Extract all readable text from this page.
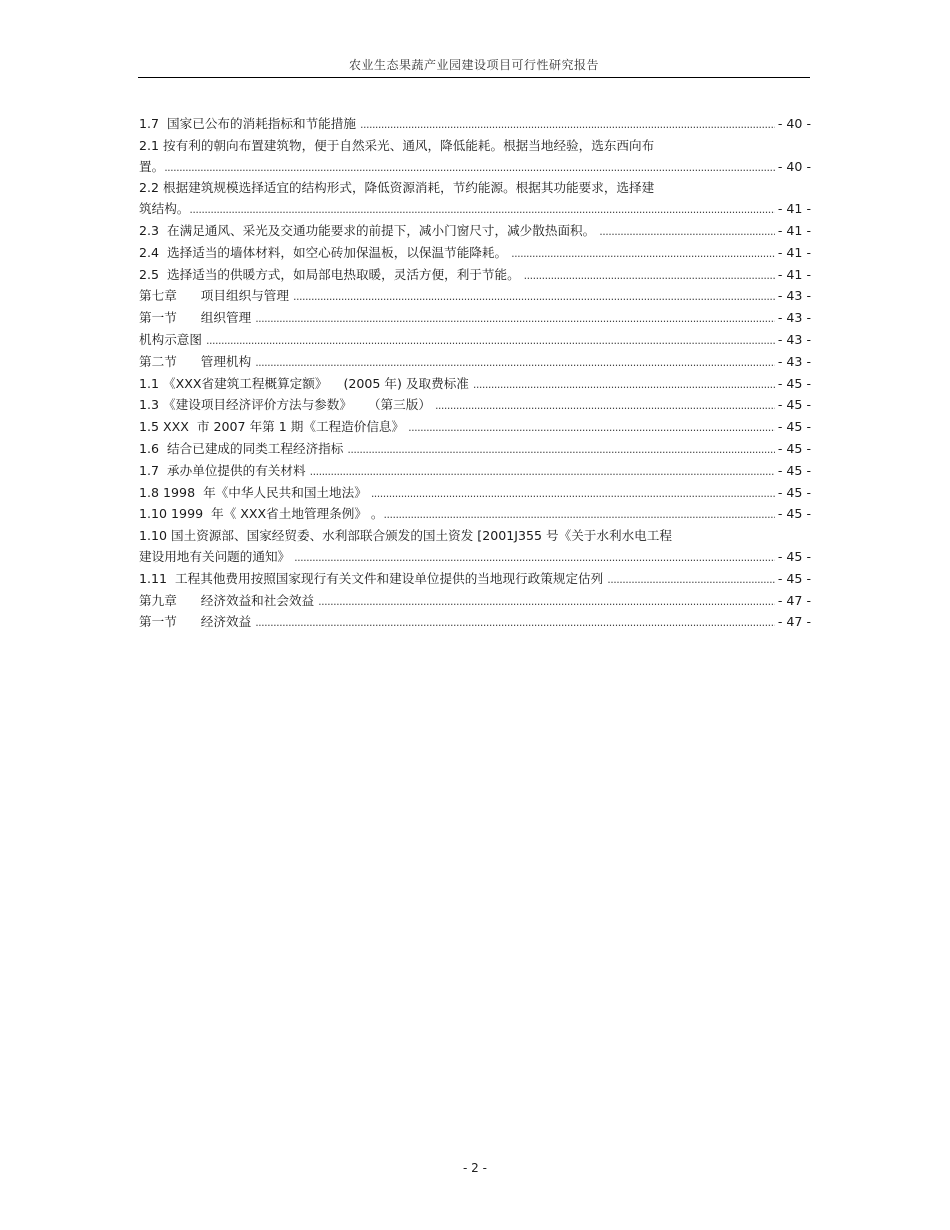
农业生态果蔬产业园建设项目可行性研究报告
1.7  国家已公布的消耗指标和节能措施 .....	- 40 -
2.1 按有利的朝向布置建筑物，便于自然采光、通风，降低能耗。根据当地经验，选东西向布
置。 .....	- 40 -
2.2 根据建筑规模选择适宜的结构形式，降低资源消耗，节约能源。根据其功能要求，选择建
筑结构。 .....	- 41 -
2.3  在满足通风、采光及交通功能要求的前提下，减小门窗尺寸，减少散热面积。 .....	- 41 -
2.4  选择适当的墙体材料，如空心砖加保温板，以保温节能降耗。 .....	- 41 -
2.5  选择适当的供暖方式，如局部电热取暖，灵活方便，利于节能。 .....	- 41 -
第七章      项目组织与管理 .....	- 43 -
第一节      组织管理 .....	- 43 -
机构示意图 .....	- 43 -
第二节      管理机构 .....	- 43 -
1.1 《XXX省建筑工程概算定额》    (2005 年) 及取费标准 .....	- 45 -
1.3 《建设项目经济评价方法与参数》    （第三版） .....	- 45 -
1.5 XXX  市 2007 年第 1 期《工程造价信息》 .....	- 45 -
1.6  结合已建成的同类工程经济指标 .....	- 45 -
1.7  承办单位提供的有关材料 .....	- 45 -
1.8 1998  年《中华人民共和国土地法》 .....	- 45 -
1.10 1999  年《 XXX省土地管理条例》 。 .....	- 45 -
1.10 国土资源部、国家经贸委、水利部联合颁发的国土资发 [2001J355 号《关于水利水电工程
建设用地有关问题的通知》 .....	- 45 -
1.11  工程其他费用按照国家现行有关文件和建设单位提供的当地现行政策规定估列 .....	- 45 -
第九章      经济效益和社会效益 .....	- 47 -
第一节      经济效益 .....	- 47 -
- 2 -
